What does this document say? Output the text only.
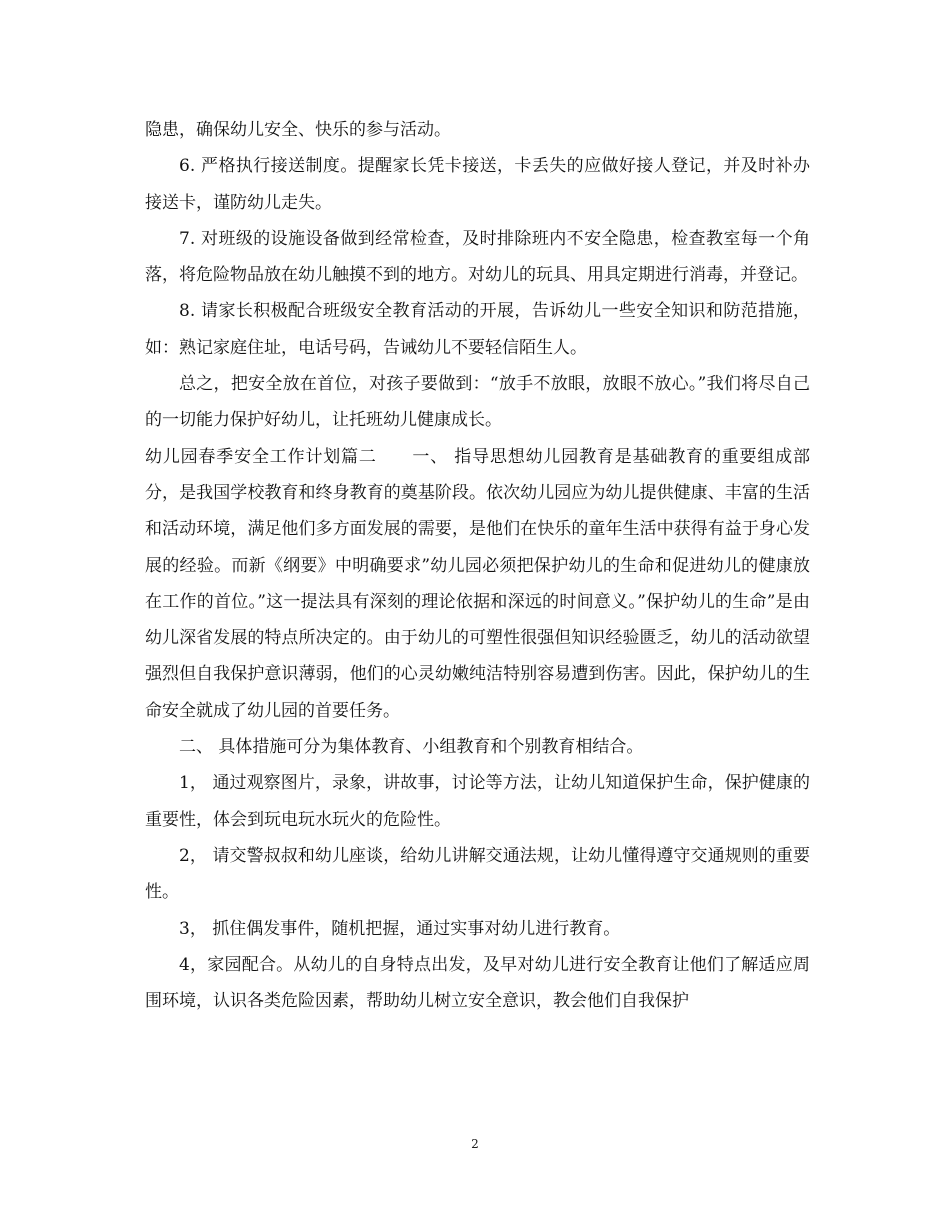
隐患，确保幼儿安全、快乐的参与活动。

6. 严格执行接送制度。提醒家长凭卡接送，卡丢失的应做好接人登记，并及时补办接送卡，谨防幼儿走失。

7. 对班级的设施设备做到经常检查，及时排除班内不安全隐患，检查教室每一个角落，将危险物品放在幼儿触摸不到的地方。对幼儿的玩具、用具定期进行消毒，并登记。

8. 请家长积极配合班级安全教育活动的开展，告诉幼儿一些安全知识和防范措施，如：熟记家庭住址，电话号码，告诫幼儿不要轻信陌生人。

总之，把安全放在首位，对孩子要做到：“放手不放眼，放眼不放心。”我们将尽自己的一切能力保护好幼儿，让托班幼儿健康成长。

幼儿园春季安全工作计划篇二　　一、 指导思想幼儿园教育是基础教育的重要组成部分，是我国学校教育和终身教育的奠基阶段。依次幼儿园应为幼儿提供健康、丰富的生活和活动环境，满足他们多方面发展的需要，是他们在快乐的童年生活中获得有益于身心发展的经验。而新《纲要》中明确要求”幼儿园必须把保护幼儿的生命和促进幼儿的健康放在工作的首位。”这一提法具有深刻的理论依据和深远的时间意义。”保护幼儿的生命”是由幼儿深省发展的特点所决定的。由于幼儿的可塑性很强但知识经验匮乏，幼儿的活动欲望强烈但自我保护意识薄弱，他们的心灵幼嫩纯洁特别容易遭到伤害。因此，保护幼儿的生命安全就成了幼儿园的首要任务。

二、 具体措施可分为集体教育、小组教育和个别教育相结合。

1， 通过观察图片，录象，讲故事，讨论等方法，让幼儿知道保护生命，保护健康的重要性，体会到玩电玩水玩火的危险性。

2， 请交警叔叔和幼儿座谈，给幼儿讲解交通法规，让幼儿懂得遵守交通规则的重要性。

3， 抓住偶发事件，随机把握，通过实事对幼儿进行教育。

4，家园配合。从幼儿的自身特点出发，及早对幼儿进行安全教育让他们了解适应周围环境，认识各类危险因素，帮助幼儿树立安全意识，教会他们自我保护

2
